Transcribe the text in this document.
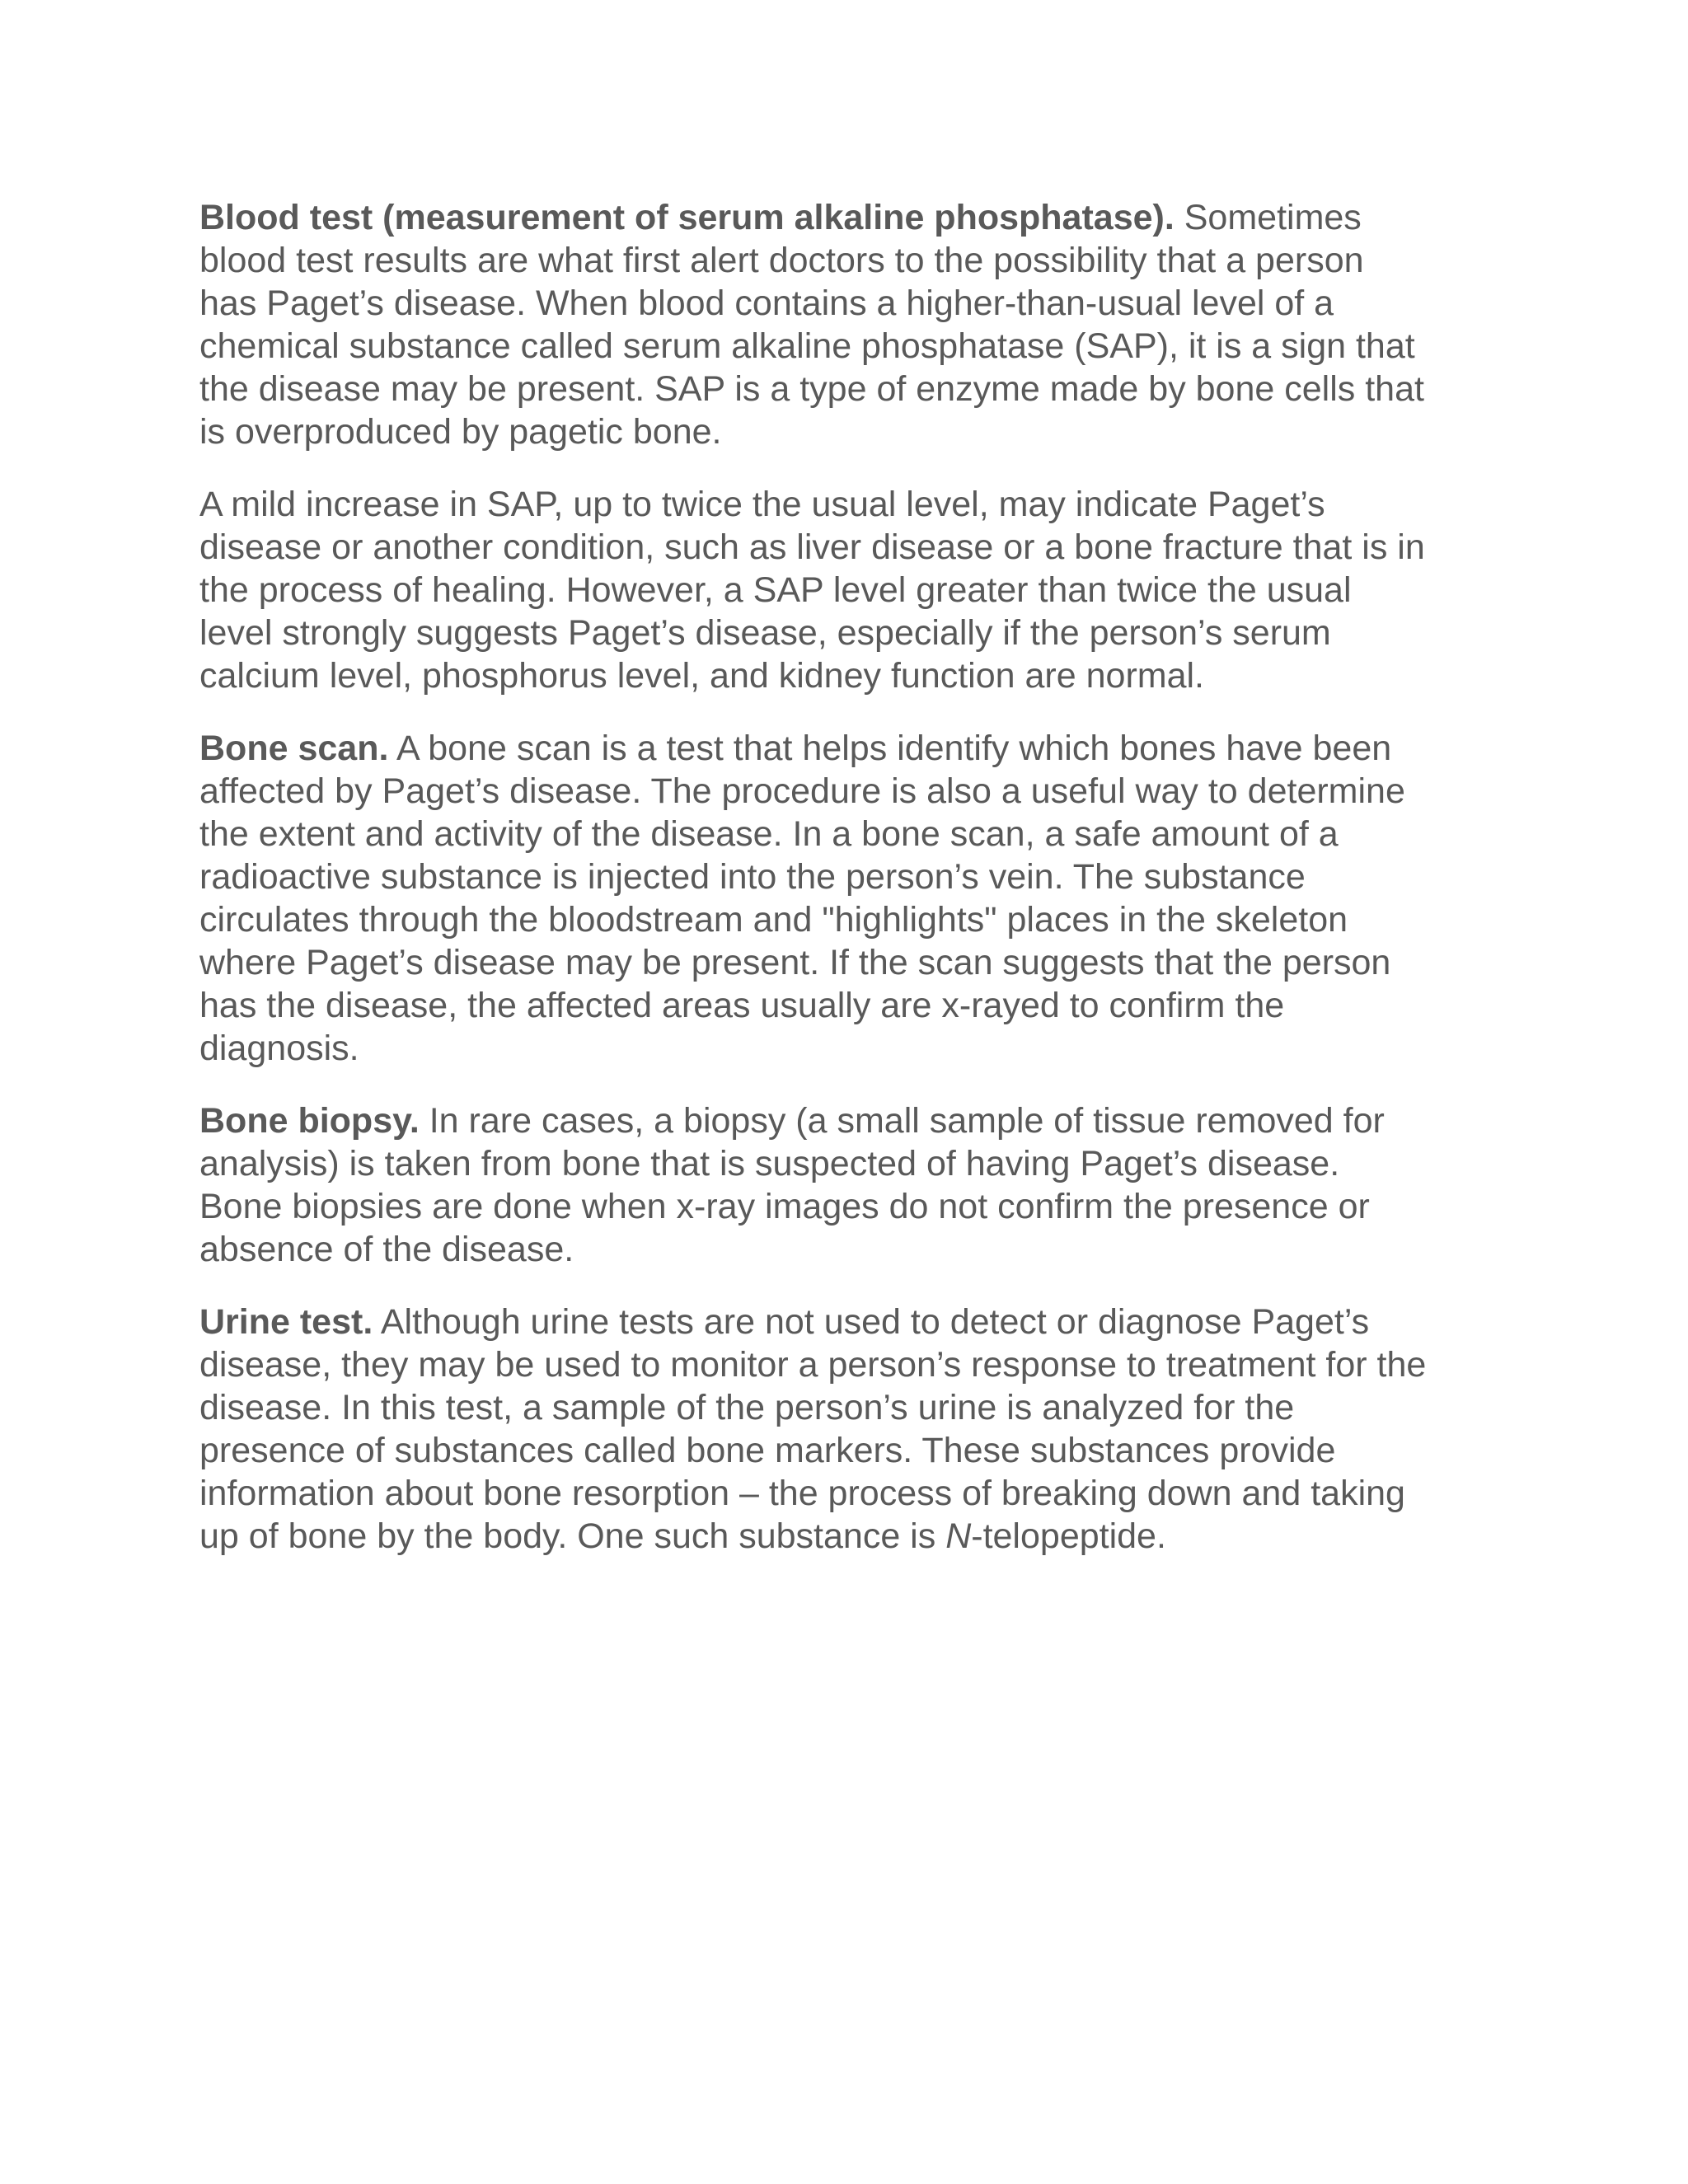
Blood test (measurement of serum alkaline phosphatase). Sometimes
blood test results are what first alert doctors to the possibility that a person
has Paget’s disease. When blood contains a higher-than-usual level of a
chemical substance called serum alkaline phosphatase (SAP), it is a sign that
the disease may be present. SAP is a type of enzyme made by bone cells that
is overproduced by pagetic bone.

A mild increase in SAP, up to twice the usual level, may indicate Paget’s
disease or another condition, such as liver disease or a bone fracture that is in
the process of healing. However, a SAP level greater than twice the usual
level strongly suggests Paget’s disease, especially if the person’s serum
calcium level, phosphorus level, and kidney function are normal.

Bone scan. A bone scan is a test that helps identify which bones have been
affected by Paget’s disease. The procedure is also a useful way to determine
the extent and activity of the disease. In a bone scan, a safe amount of a
radioactive substance is injected into the person’s vein. The substance
circulates through the bloodstream and "highlights" places in the skeleton
where Paget’s disease may be present. If the scan suggests that the person
has the disease, the affected areas usually are x-rayed to confirm the
diagnosis.

Bone biopsy. In rare cases, a biopsy (a small sample of tissue removed for
analysis) is taken from bone that is suspected of having Paget’s disease.
Bone biopsies are done when x-ray images do not confirm the presence or
absence of the disease.

Urine test. Although urine tests are not used to detect or diagnose Paget’s
disease, they may be used to monitor a person’s response to treatment for the
disease. In this test, a sample of the person’s urine is analyzed for the
presence of substances called bone markers. These substances provide
information about bone resorption – the process of breaking down and taking
up of bone by the body. One such substance is N-telopeptide.
